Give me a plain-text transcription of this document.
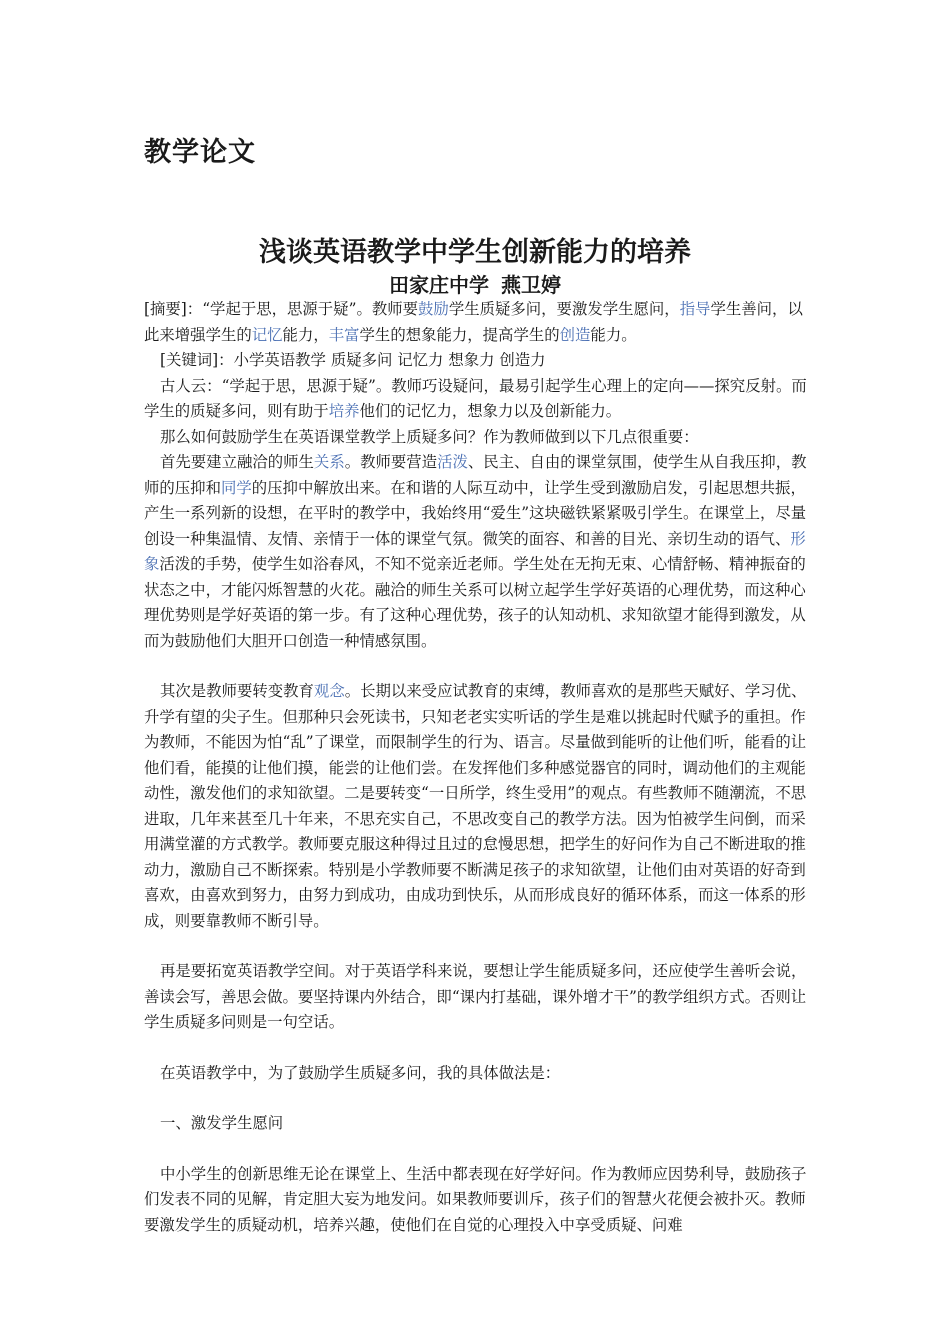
教学论文
浅谈英语教学中学生创新能力的培养
田家庄中学 燕卫婷

[摘要]：“学起于思，思源于疑”。教师要鼓励学生质疑多问，要激发学生愿问，指导学生善问，以此来增强学生的记忆能力，丰富学生的想象能力，提高学生的创造能力。

[关键词]：小学英语教学 质疑多问 记忆力 想象力 创造力

古人云：“学起于思，思源于疑”。教师巧设疑问，最易引起学生心理上的定向——探究反射。而学生的质疑多问，则有助于培养他们的记忆力，想象力以及创新能力。

那么如何鼓励学生在英语课堂教学上质疑多问？作为教师做到以下几点很重要：

首先要建立融洽的师生关系。教师要营造活泼、民主、自由的课堂氛围，使学生从自我压抑，教师的压抑和同学的压抑中解放出来。在和谐的人际互动中，让学生受到激励启发，引起思想共振，产生一系列新的设想，在平时的教学中，我始终用“爱生”这块磁铁紧紧吸引学生。在课堂上，尽量创设一种集温情、友情、亲情于一体的课堂气氛。微笑的面容、和善的目光、亲切生动的语气、形象活泼的手势，使学生如浴春风，不知不觉亲近老师。学生处在无拘无束、心情舒畅、精神振奋的状态之中，才能闪烁智慧的火花。融洽的师生关系可以树立起学生学好英语的心理优势，而这种心理优势则是学好英语的第一步。有了这种心理优势，孩子的认知动机、求知欲望才能得到激发，从而为鼓励他们大胆开口创造一种情感氛围。

其次是教师要转变教育观念。长期以来受应试教育的束缚，教师喜欢的是那些天赋好、学习优、升学有望的尖子生。但那种只会死读书，只知老老实实听话的学生是难以挑起时代赋予的重担。作为教师，不能因为怕“乱”了课堂，而限制学生的行为、语言。尽量做到能听的让他们听，能看的让他们看，能摸的让他们摸，能尝的让他们尝。在发挥他们多种感觉器官的同时，调动他们的主观能动性，激发他们的求知欲望。二是要转变“一日所学，终生受用”的观点。有些教师不随潮流，不思进取，几年来甚至几十年来，不思充实自己，不思改变自己的教学方法。因为怕被学生问倒，而采用满堂灌的方式教学。教师要克服这种得过且过的怠慢思想，把学生的好问作为自己不断进取的推动力，激励自己不断探索。特别是小学教师要不断满足孩子的求知欲望，让他们由对英语的好奇到喜欢，由喜欢到努力，由努力到成功，由成功到快乐，从而形成良好的循环体系，而这一体系的形成，则要靠教师不断引导。

再是要拓宽英语教学空间。对于英语学科来说，要想让学生能质疑多问，还应使学生善听会说，善读会写，善思会做。要坚持课内外结合，即“课内打基础，课外增才干”的教学组织方式。否则让学生质疑多问则是一句空话。

在英语教学中，为了鼓励学生质疑多问，我的具体做法是：

一、激发学生愿问

中小学生的创新思维无论在课堂上、生活中都表现在好学好问。作为教师应因势利导，鼓励孩子们发表不同的见解，肯定胆大妄为地发问。如果教师要训斥，孩子们的智慧火花便会被扑灭。教师要激发学生的质疑动机，培养兴趣，使他们在自觉的心理投入中享受质疑、问难
